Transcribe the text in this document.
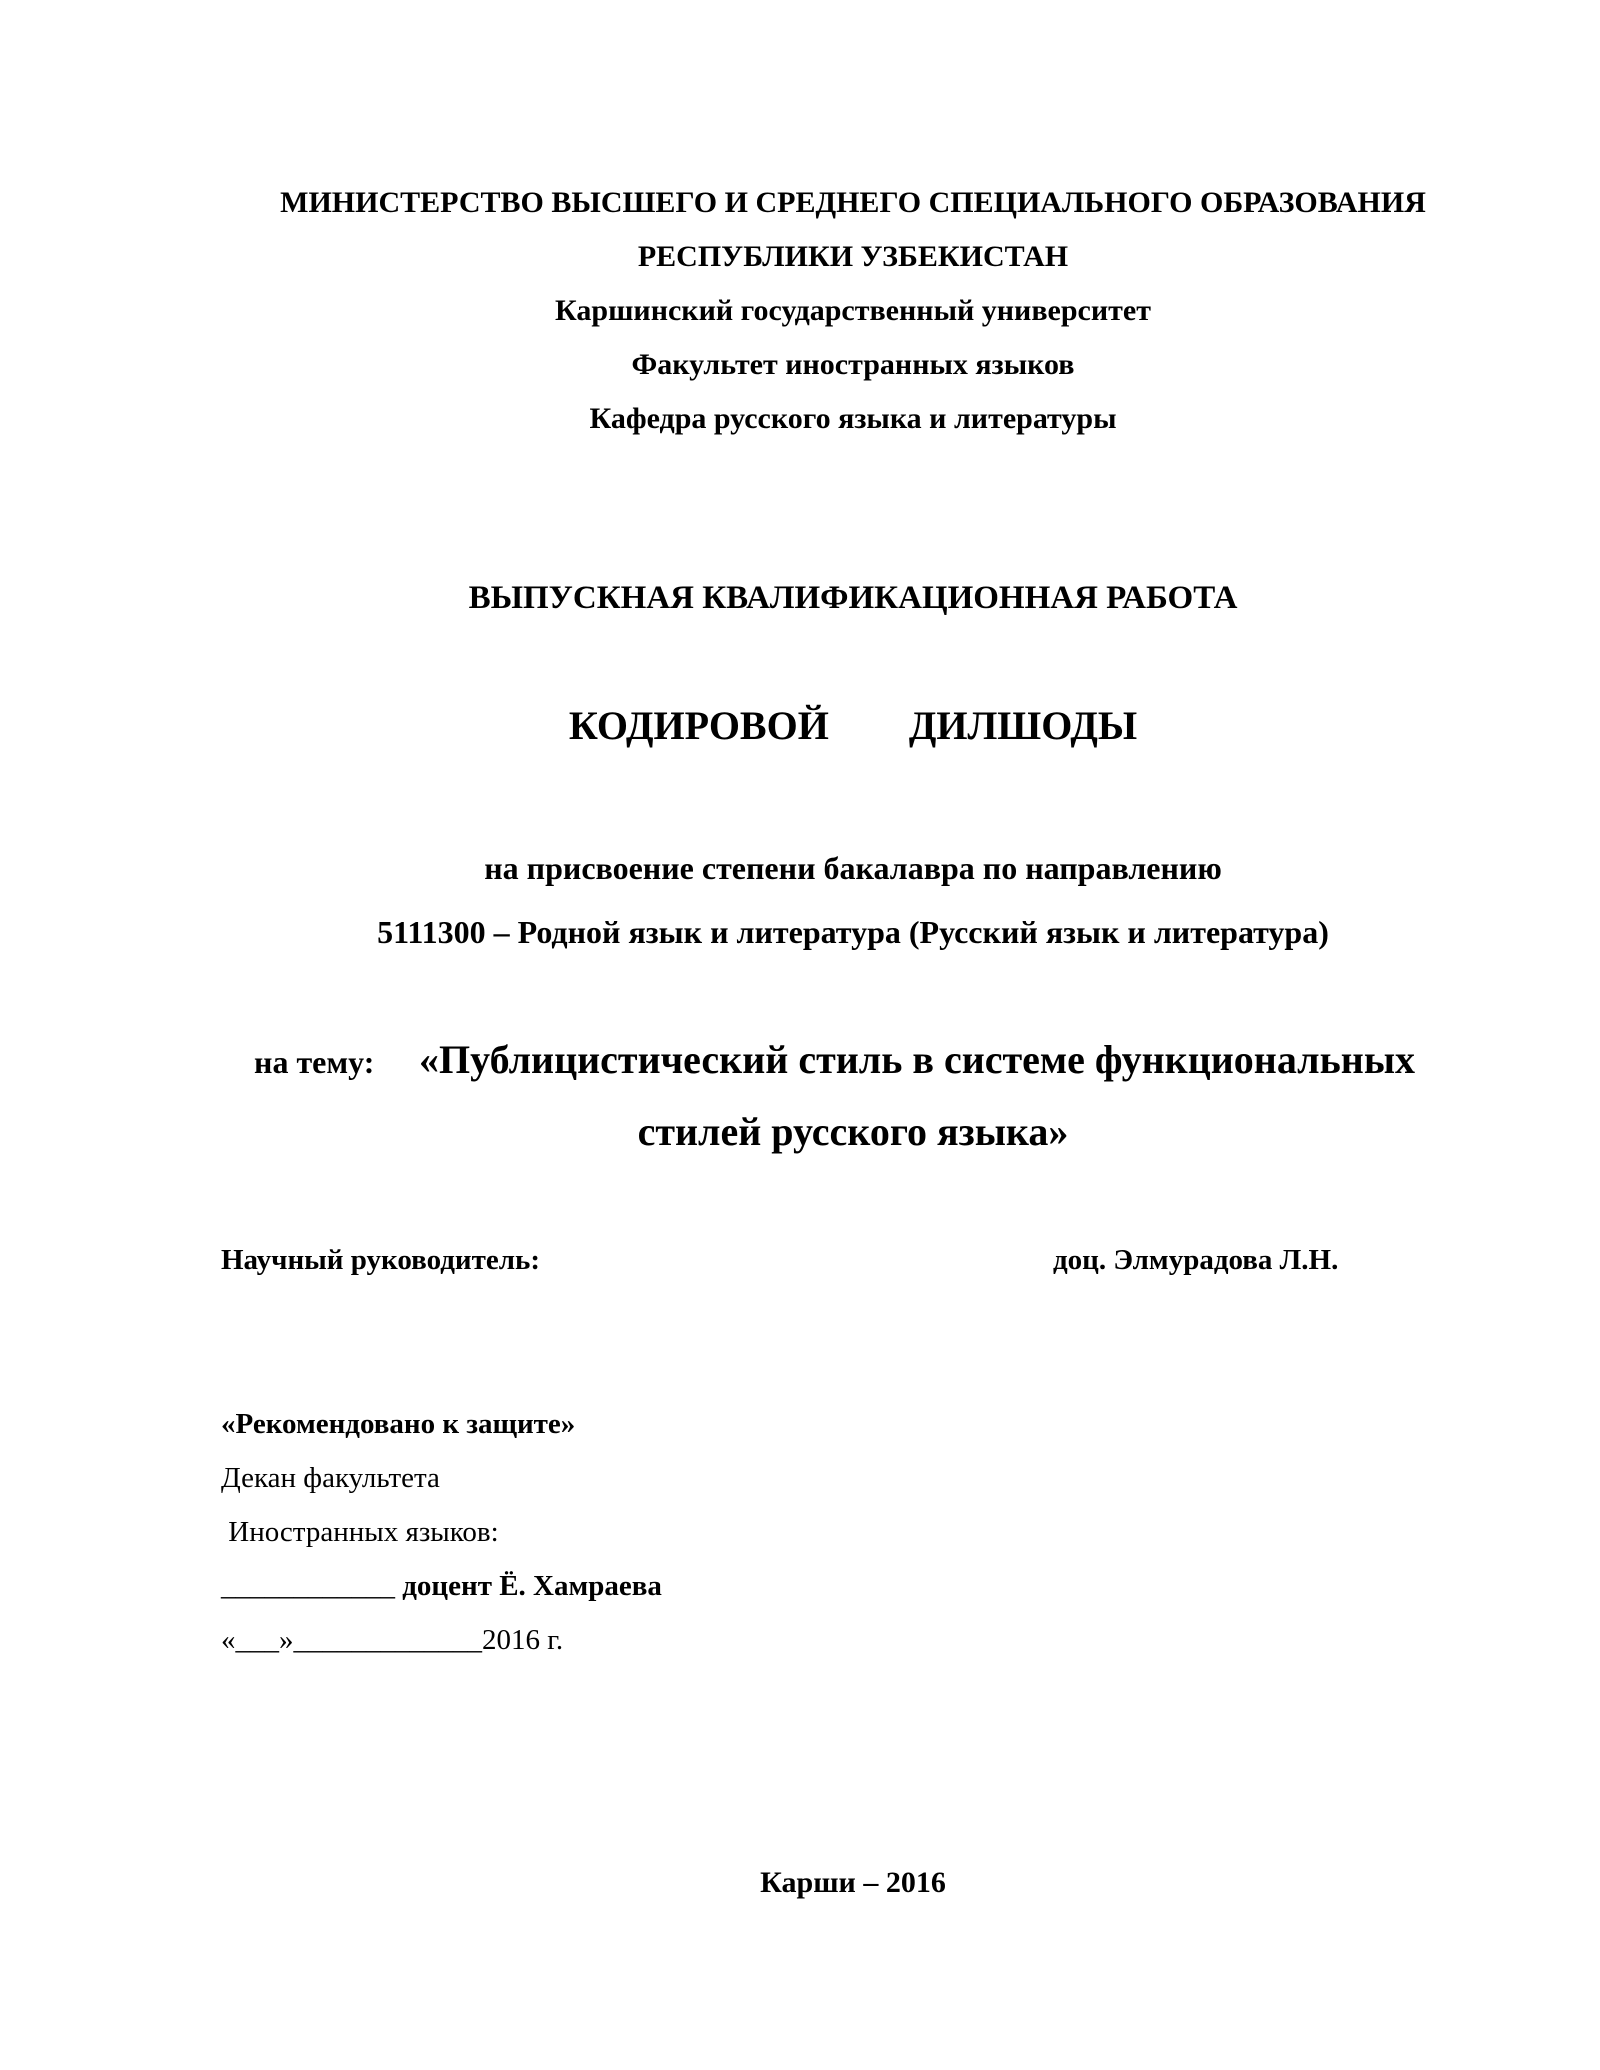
МИНИСТЕРСТВО ВЫСШЕГО И СРЕДНЕГО СПЕЦИАЛЬНОГО ОБРАЗОВАНИЯ
РЕСПУБЛИКИ УЗБЕКИСТАН
Каршинский государственный университет
Факультет иностранных языков
Кафедра русского языка и литературы
ВЫПУСКНАЯ КВАЛИФИКАЦИОННАЯ РАБОТА
КОДИРОВОЙ    ДИЛШОДЫ
на присвоение степени бакалавра по направлению
5111300 – Родной язык и литература (Русский язык и литература)
на тему: «Публицистический стиль в системе функциональных
стилей русского языка»
Научный руководитель:	доц. Элмурадова Л.Н.
«Рекомендовано к защите»
Декан факультета
Иностранных языков:
____________ доцент Ё. Хамраева
«___»_____________2016 г.
Карши – 2016
